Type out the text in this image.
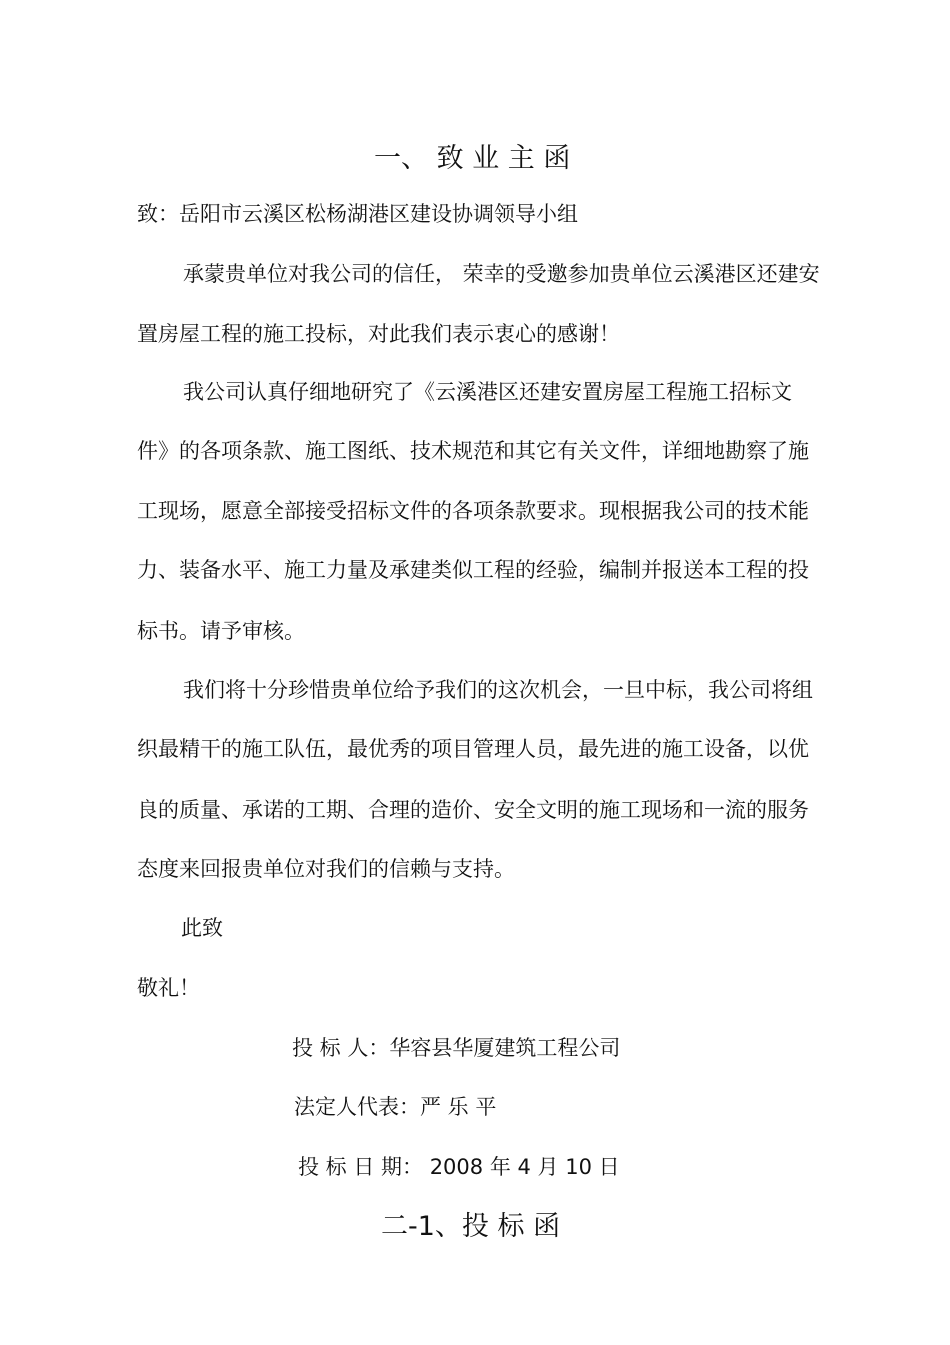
一、 致 业 主 函
致：岳阳市云溪区松杨湖港区建设协调领导小组
承蒙贵单位对我公司的信任， 荣幸的受邀参加贵单位云溪港区还建安
置房屋工程的施工投标，对此我们表示衷心的感谢！
我公司认真仔细地研究了《云溪港区还建安置房屋工程施工招标文
件》的各项条款、施工图纸、技术规范和其它有关文件，详细地勘察了施
工现场，愿意全部接受招标文件的各项条款要求。现根据我公司的技术能
力、装备水平、施工力量及承建类似工程的经验，编制并报送本工程的投
标书。请予审核。
我们将十分珍惜贵单位给予我们的这次机会，一旦中标，我公司将组
织最精干的施工队伍，最优秀的项目管理人员，最先进的施工设备，以优
良的质量、承诺的工期、合理的造价、安全文明的施工现场和一流的服务
态度来回报贵单位对我们的信赖与支持。
此致
敬礼！
投 标 人：华容县华厦建筑工程公司
法定人代表：严 乐 平
投 标 日 期： 2008 年 4 月 10 日
二-1、投 标 函
